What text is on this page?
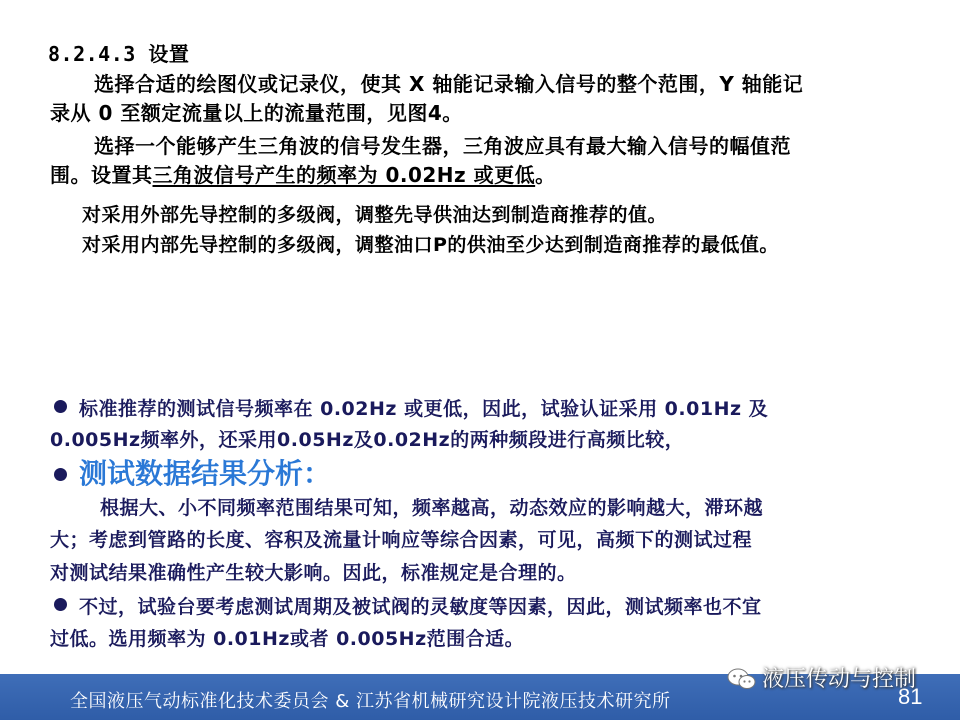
8.2.4.3 设置
选择合适的绘图仪或记录仪，使其 X 轴能记录输入信号的整个范围，Y 轴能记
录从 0 至额定流量以上的流量范围，见图4。
选择一个能够产生三角波的信号发生器，三角波应具有最大输入信号的幅值范
围。设置其三角波信号产生的频率为 0.02Hz 或更低。
对采用外部先导控制的多级阀，调整先导供油达到制造商推荐的值。
对采用内部先导控制的多级阀，调整油口P的供油至少达到制造商推荐的最低值。
标准推荐的测试信号频率在 0.02Hz 或更低，因此，试验认证采用 0.01Hz 及
0.005Hz频率外，还采用0.05Hz及0.02Hz的两种频段进行高频比较，
测试数据结果分析：
根据大、小不同频率范围结果可知，频率越高，动态效应的影响越大，滞环越
大；考虑到管路的长度、容积及流量计响应等综合因素，可见，高频下的测试过程
对测试结果准确性产生较大影响。因此，标准规定是合理的。
不过，试验台要考虑测试周期及被试阀的灵敏度等因素，因此，测试频率也不宜
过低。选用频率为 0.01Hz或者 0.005Hz范围合适。
全国液压气动标准化技术委员会 & 江苏省机械研究设计院液压技术研究所	81
液压传动与控制
